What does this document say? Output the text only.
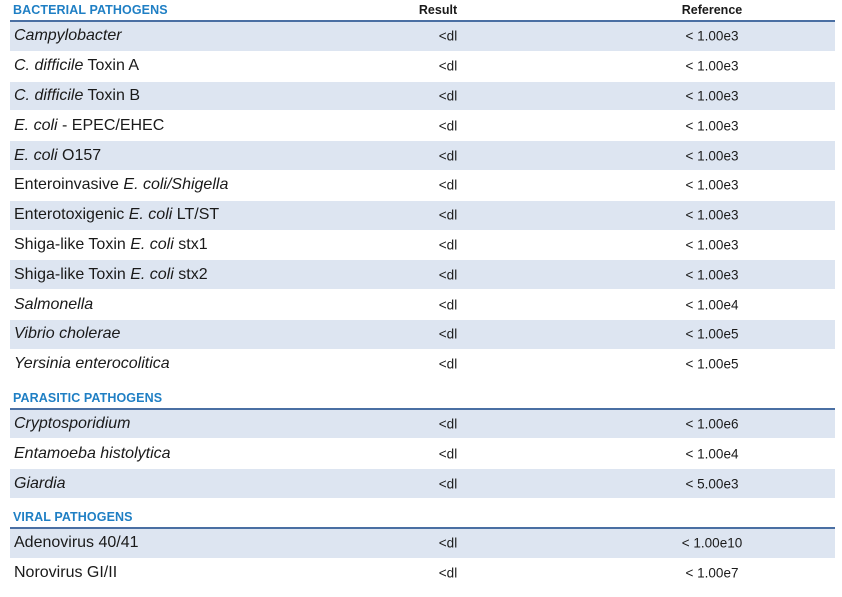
BACTERIAL PATHOGENS	Result	Reference
Campylobacter	<dl	< 1.00e3
C. difficile Toxin A	<dl	< 1.00e3
C. difficile Toxin B	<dl	< 1.00e3
E. coli - EPEC/EHEC	<dl	< 1.00e3
E. coli O157	<dl	< 1.00e3
Enteroinvasive E. coli/Shigella	<dl	< 1.00e3
Enterotoxigenic E. coli LT/ST	<dl	< 1.00e3
Shiga-like Toxin E. coli stx1	<dl	< 1.00e3
Shiga-like Toxin E. coli stx2	<dl	< 1.00e3
Salmonella	<dl	< 1.00e4
Vibrio cholerae	<dl	< 1.00e5
Yersinia enterocolitica	<dl	< 1.00e5
PARASITIC PATHOGENS
Cryptosporidium	<dl	< 1.00e6
Entamoeba histolytica	<dl	< 1.00e4
Giardia	<dl	< 5.00e3
VIRAL PATHOGENS
Adenovirus 40/41	<dl	< 1.00e10
Norovirus GI/II	<dl	< 1.00e7
